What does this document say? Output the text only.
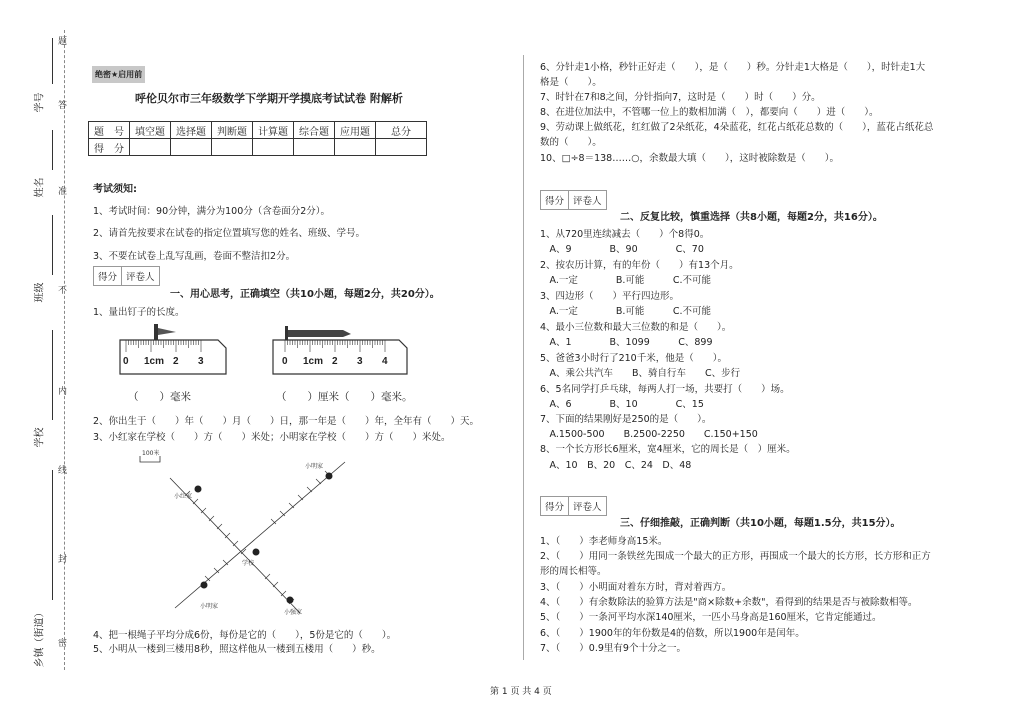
学号
姓名
班级
学校
乡镇（街道）
题
答
准
不
内
线
封
密
绝密★启用前
呼伦贝尔市三年级数学下学期开学摸底考试试卷 附解析
题　号	填空题	选择题	判断题	计算题	综合题	应用题	总分
得　分							
考试须知:
1、考试时间：90分钟，满分为100分（含卷面分2分）。
2、请首先按要求在试卷的指定位置填写您的姓名、班级、学号。
3、不要在试卷上乱写乱画，卷面不整洁扣2分。
得分 评卷人
一、用心思考，正确填空（共10小题，每题2分，共20分）。
1、量出钉子的长度。
0 1cm 2 3	0 1cm 2 3 4
（　　）毫米	（　　）厘米（　　）毫米。
2、你出生于（　　）年（　　）月（　　）日，那一年是（　　）年，全年有（　　）天。
3、小红家在学校（　　）方（　　）米处；小明家在学校（　　）方（　　）米处。
100米
小明家
小红家
学校
小明家
小强家
4、把一根绳子平均分成6份，每份是它的（　　），5份是它的（　　）。
5、小明从一楼到三楼用8秒，照这样他从一楼到五楼用（　　）秒。
6、分针走1小格，秒针正好走（　　），是（　　）秒。分针走1大格是（　　），时针走1大
格是（　　）。
7、时针在7和8之间，分针指向7，这时是（　　）时（　　）分。
8、在进位加法中，不管哪一位上的数相加满（　），都要向（　　）进（　　）。
9、劳动课上做纸花，红红做了2朵纸花，4朵蓝花，红花占纸花总数的（　　），蓝花占纸花总
数的（　　）。
10、□÷8＝138……○，余数最大填（　　），这时被除数是（　　）。
得分 评卷人
二、反复比较，慎重选择（共8小题，每题2分，共16分）。
1、从720里连续减去（　　）个8得0。
　A、9　　　　B、90　　　　C、70
2、按农历计算，有的年份（　　）有13个月。
　A.一定　　　　B.可能　　　C.不可能
3、四边形（　　）平行四边形。
　A.一定　　　　B.可能　　　C.不可能
4、最小三位数和最大三位数的和是（　　）。
　A、1　　　　B、1099　　　C、899
5、爸爸3小时行了210千米，他是（　　）。
　A、乘公共汽车　　B、骑自行车　　C、步行
6、5名同学打乒乓球，每两人打一场，共要打（　　）场。
　A、6　　　　B、10　　　　C、15
7、下面的结果刚好是250的是（　　）。
　A.1500-500　　B.2500-2250　　C.150+150
8、一个长方形长6厘米，宽4厘米，它的周长是（　）厘米。
　A、10　B、20　C、24　D、48
得分 评卷人
三、仔细推敲，正确判断（共10小题，每题1.5分，共15分）。
1、（　　）李老师身高15米。
2、（　　）用同一条铁丝先围成一个最大的正方形，再围成一个最大的长方形，长方形和正方
形的周长相等。
3、（　　）小明面对着东方时，背对着西方。
4、（　　）有余数除法的验算方法是"商×除数+余数"，看得到的结果是否与被除数相等。
5、（　　）一条河平均水深140厘米，一匹小马身高是160厘米，它肯定能通过。
6、（　　）1900年的年份数是4的倍数，所以1900年是闰年。
7、（　　）0.9里有9个十分之一。
第 1 页 共 4 页
